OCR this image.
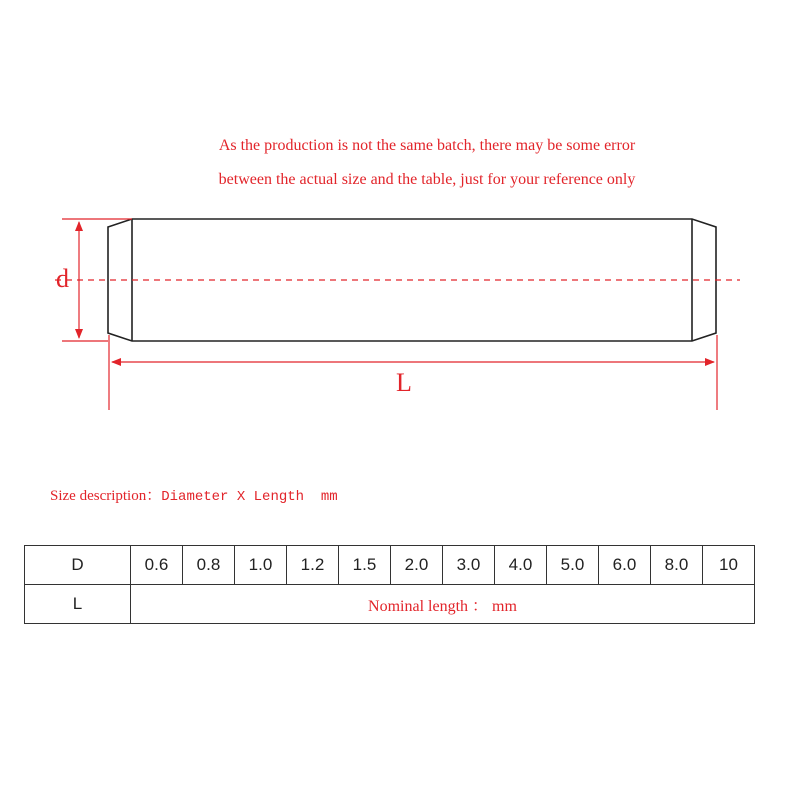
As the production is not the same batch, there may be some error
between the actual size and the table, just for your reference only
d
L
Size description：Diameter X Length  mm
D	0.6	0.8	1.0	1.2	1.5	2.0	3.0	4.0	5.0	6.0	8.0	10
L	Nominal length ： mm											
